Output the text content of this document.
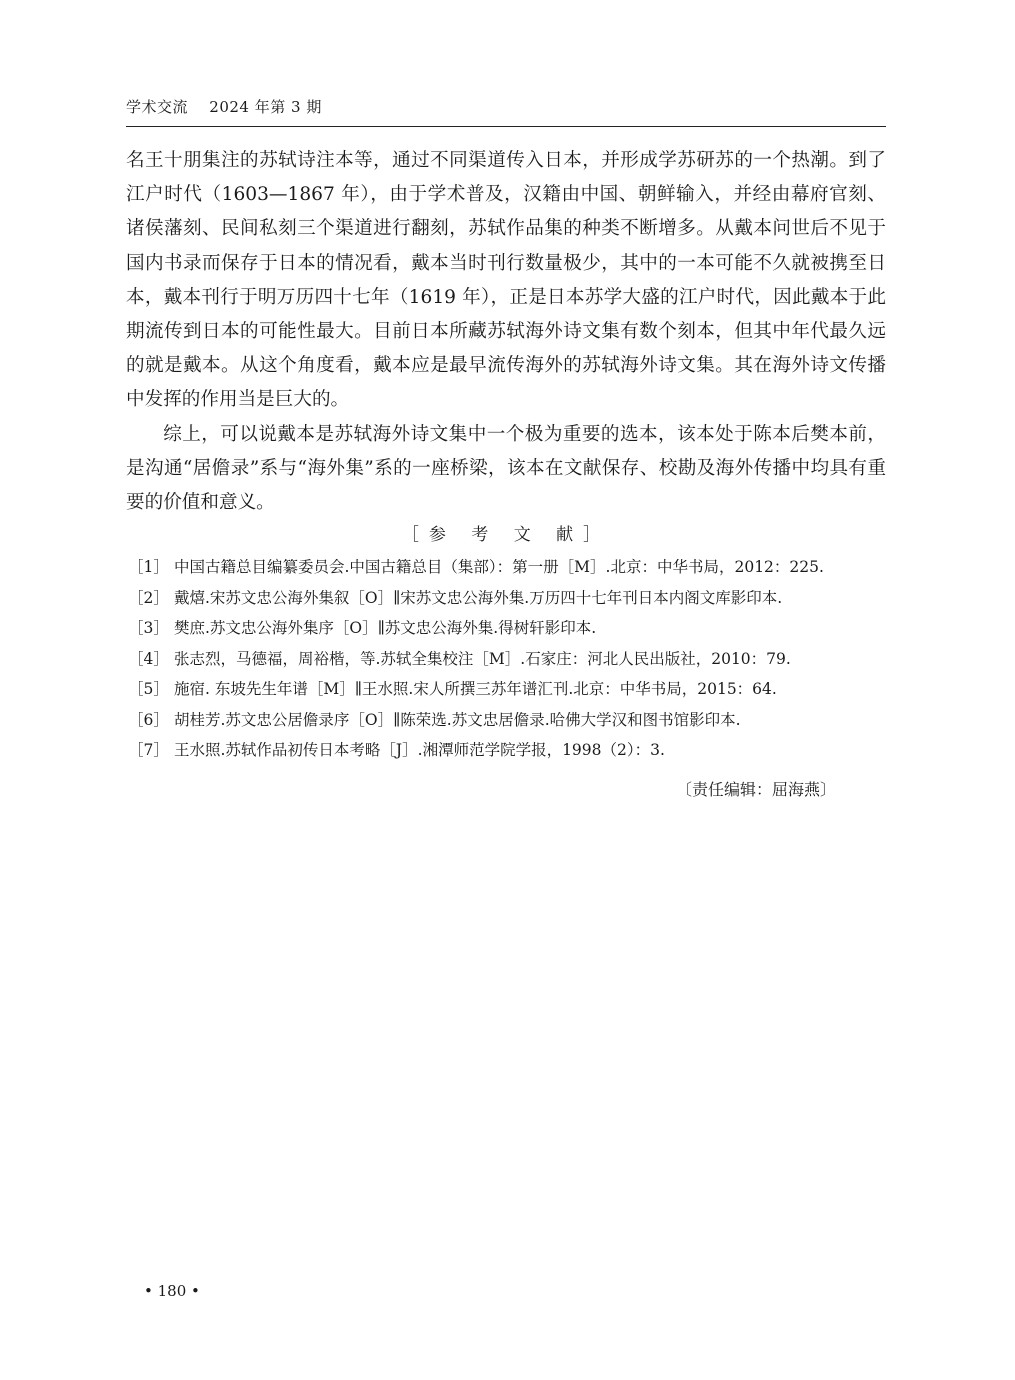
学术交流 2024 年第 3 期

名王十朋集注的苏轼诗注本等，通过不同渠道传入日本，并形成学苏研苏的一个热潮。到了江户时代（1603—1867 年），由于学术普及，汉籍由中国、朝鲜输入，并经由幕府官刻、诸侯藩刻、民间私刻三个渠道进行翻刻，苏轼作品集的种类不断增多。从戴本问世后不见于国内书录而保存于日本的情况看，戴本当时刊行数量极少，其中的一本可能不久就被携至日本，戴本刊行于明万历四十七年（1619 年），正是日本苏学大盛的江户时代，因此戴本于此期流传到日本的可能性最大。目前日本所藏苏轼海外诗文集有数个刻本，但其中年代最久远的就是戴本。从这个角度看，戴本应是最早流传海外的苏轼海外诗文集。其在海外诗文传播中发挥的作用当是巨大的。

综上，可以说戴本是苏轼海外诗文集中一个极为重要的选本，该本处于陈本后樊本前，是沟通“居儋录”系与“海外集”系的一座桥梁，该本在文献保存、校勘及海外传播中均具有重要的价值和意义。

［参 考 文 献］
［1］ 中国古籍总目编纂委员会.中国古籍总目（集部）：第一册［M］.北京：中华书局，2012：225.
［2］ 戴熺.宋苏文忠公海外集叙［O］∥宋苏文忠公海外集.万历四十七年刊日本内阁文库影印本.
［3］ 樊庶.苏文忠公海外集序［O］∥苏文忠公海外集.得树轩影印本.
［4］ 张志烈，马德福，周裕楷，等.苏轼全集校注［M］.石家庄：河北人民出版社，2010：79.
［5］ 施宿. 东坡先生年谱［M］∥王水照.宋人所撰三苏年谱汇刊.北京：中华书局，2015：64.
［6］ 胡桂芳.苏文忠公居儋录序［O］∥陈荣选.苏文忠居儋录.哈佛大学汉和图书馆影印本.
［7］ 王水照.苏轼作品初传日本考略［J］.湘潭师范学院学报，1998（2）：3.
〔责任编辑：屈海燕〕
• 180 •
